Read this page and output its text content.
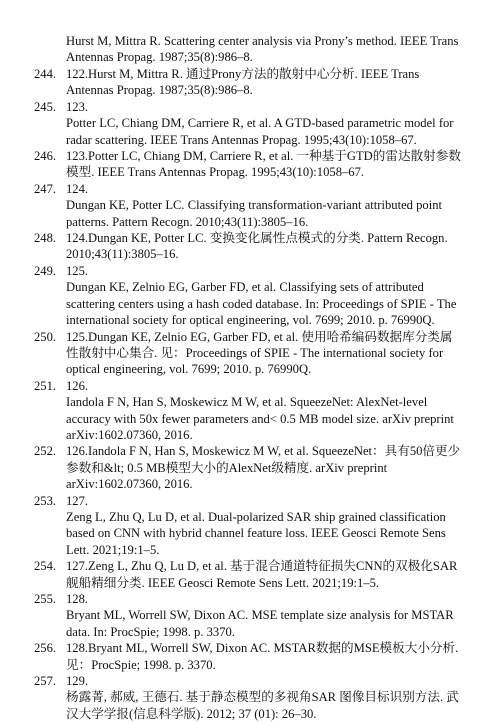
Hurst M, Mittra R. Scattering center analysis via Prony’s method. IEEE Trans
Antennas Propag. 1987;35(8):986–8.
244. 122.Hurst M, Mittra R. 通过Prony方法的散射中心分析. IEEE Trans
Antennas Propag. 1987;35(8):986–8.
245. 123.
Potter LC, Chiang DM, Carriere R, et al. A GTD-based parametric model for
radar scattering. IEEE Trans Antennas Propag. 1995;43(10):1058–67.
246. 123.Potter LC, Chiang DM, Carriere R, et al. 一种基于GTD的雷达散射参数
模型. IEEE Trans Antennas Propag. 1995;43(10):1058–67.
247. 124.
Dungan KE, Potter LC. Classifying transformation-variant attributed point
patterns. Pattern Recogn. 2010;43(11):3805–16.
248. 124.Dungan KE, Potter LC. 变换变化属性点模式的分类. Pattern Recogn.
2010;43(11):3805–16.
249. 125.
Dungan KE, Zelnio EG, Garber FD, et al. Classifying sets of attributed
scattering centers using a hash coded database. In: Proceedings of SPIE - The
international society for optical engineering, vol. 7699; 2010. p. 76990Q.
250. 125.Dungan KE, Zelnio EG, Garber FD, et al. 使用哈希编码数据库分类属
性散射中心集合. 见：Proceedings of SPIE - The international society for
optical engineering, vol. 7699; 2010. p. 76990Q.
251. 126.
Iandola F N, Han S, Moskewicz M W, et al. SqueezeNet: AlexNet-level
accuracy with 50x fewer parameters and< 0.5 MB model size. arXiv preprint
arXiv:1602.07360, 2016.
252. 126.Iandola F N, Han S, Moskewicz M W, et al. SqueezeNet：具有50倍更少
参数和&lt; 0.5 MB模型大小的AlexNet级精度. arXiv preprint
arXiv:1602.07360, 2016.
253. 127.
Zeng L, Zhu Q, Lu D, et al. Dual-polarized SAR ship grained classification
based on CNN with hybrid channel feature loss. IEEE Geosci Remote Sens
Lett. 2021;19:1–5.
254. 127.Zeng L, Zhu Q, Lu D, et al. 基于混合通道特征损失CNN的双极化SAR
舰船精细分类. IEEE Geosci Remote Sens Lett. 2021;19:1–5.
255. 128.
Bryant ML, Worrell SW, Dixon AC. MSE template size analysis for MSTAR
data. In: ProcSpie; 1998. p. 3370.
256. 128.Bryant ML, Worrell SW, Dixon AC. MSTAR数据的MSE模板大小分析.
见：ProcSpie; 1998. p. 3370.
257. 129.
杨露菁, 郝威, 王德石. 基于静态模型的多视角SAR 图像目标识别方法. 武
汉大学学报(信息科学版). 2012; 37 (01): 26–30.
